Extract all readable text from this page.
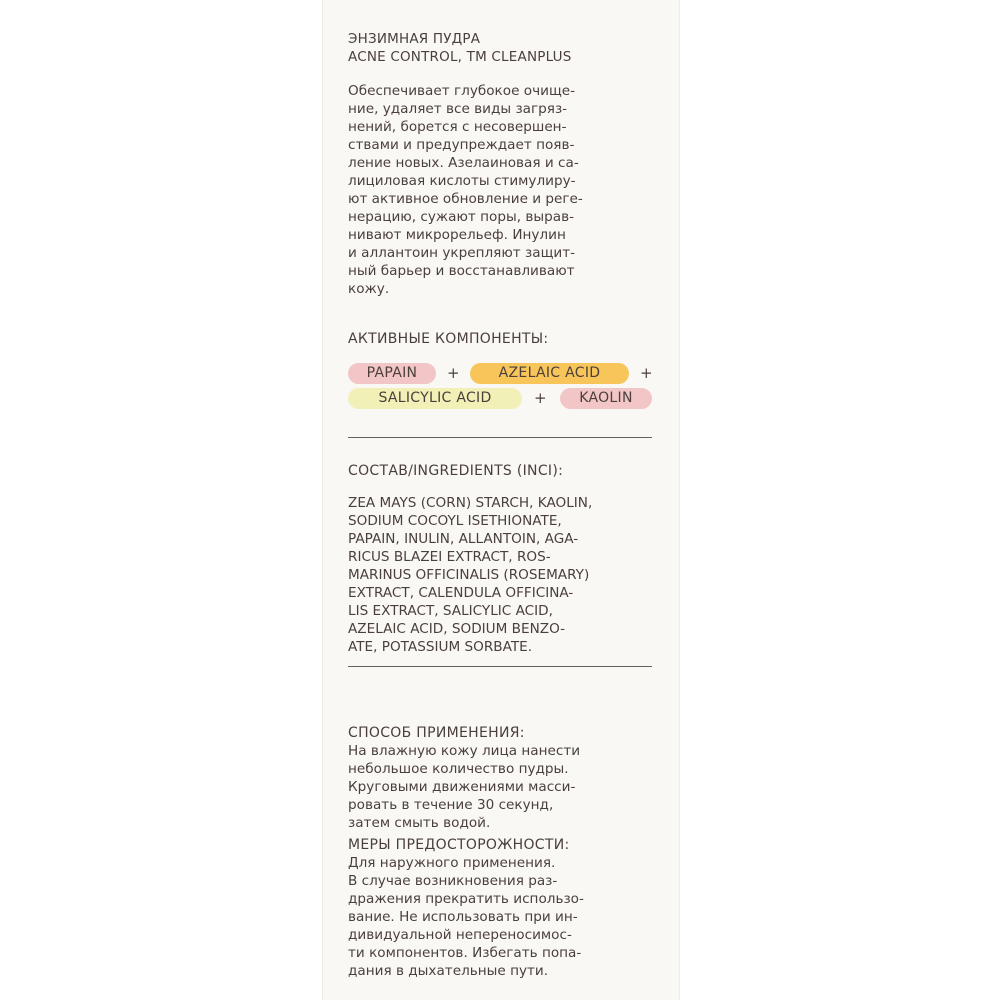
ЭНЗИМНАЯ ПУДРА
ACNE CONTROL, TM CLEANPLUS
Обеспечивает глубокое очище-
ние, удаляет все виды загряз-
нений, борется с несовершен-
ствами и предупреждает появ-
ление новых. Азелаиновая и са-
лициловая кислоты стимулиру-
ют активное обновление и реге-
нерацию, сужают поры, вырав-
нивают микрорельеф. Инулин
и аллантоин укрепляют защит-
ный барьер и восстанавливают
кожу.
АКТИВНЫЕ КОМПОНЕНТЫ:
PAPAIN	+	AZELAIC ACID	+
SALICYLIC ACID	+	KAOLIN
СОСТАВ/INGREDIENTS (INCI):
ZEA MAYS (CORN) STARCH, KAOLIN,
SODIUM COCOYL ISETHIONATE,
PAPAIN, INULIN, ALLANTOIN, AGA-
RICUS BLAZEI EXTRACT, ROS-
MARINUS OFFICINALIS (ROSEMARY)
EXTRACT, CALENDULA OFFICINA-
LIS EXTRACT, SALICYLIC ACID,
AZELAIC ACID, SODIUM BENZO-
ATE, POTASSIUM SORBATE.
СПОСОБ ПРИМЕНЕНИЯ:
На влажную кожу лица нанести
небольшое количество пудры.
Круговыми движениями масси-
ровать в течение 30 секунд,
затем смыть водой.
МЕРЫ ПРЕДОСТОРОЖНОСТИ:
Для наружного применения.
В случае возникновения раз-
дражения прекратить использо-
вание. Не использовать при ин-
дивидуальной непереносимос-
ти компонентов. Избегать попа-
дания в дыхательные пути.
